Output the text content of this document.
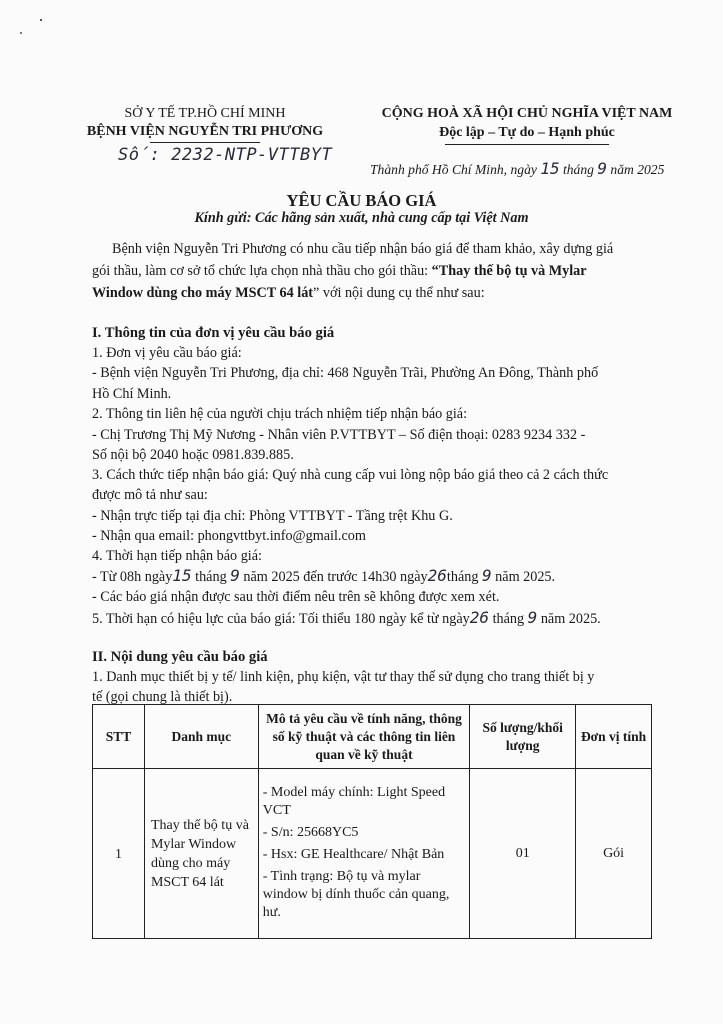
SỞ Y TẾ TP.HỒ CHÍ MINH
BỆNH VIỆN NGUYỄN TRI PHƯƠNG
Số: 2232-NTP-VTTBYT
CỘNG HOÀ XÃ HỘI CHỦ NGHĨA VIỆT NAM
Độc lập – Tự do – Hạnh phúc
Thành phố Hồ Chí Minh, ngày 15 tháng 9 năm 2025
YÊU CẦU BÁO GIÁ
Kính gửi: Các hãng sản xuất, nhà cung cấp tại Việt Nam
Bệnh viện Nguyễn Tri Phương có nhu cầu tiếp nhận báo giá để tham khảo, xây dựng giá
gói thầu, làm cơ sở tổ chức lựa chọn nhà thầu cho gói thầu: “Thay thế bộ tụ và Mylar
Window dùng cho máy MSCT 64 lát” với nội dung cụ thể như sau:
I. Thông tin của đơn vị yêu cầu báo giá
1. Đơn vị yêu cầu báo giá:
- Bệnh viện Nguyễn Tri Phương, địa chỉ: 468 Nguyễn Trãi, Phường An Đông, Thành phố
Hồ Chí Minh.
2. Thông tin liên hệ của người chịu trách nhiệm tiếp nhận báo giá:
- Chị Trương Thị Mỹ Nương - Nhân viên P.VTTBYT – Số điện thoại: 0283 9234 332 -
Số nội bộ 2040 hoặc 0981.839.885.
3. Cách thức tiếp nhận báo giá: Quý nhà cung cấp vui lòng nộp báo giá theo cả 2 cách thức
được mô tả như sau:
- Nhận trực tiếp tại địa chỉ: Phòng VTTBYT - Tầng trệt Khu G.
- Nhận qua email: phongvttbyt.info@gmail.com
4. Thời hạn tiếp nhận báo giá:
- Từ 08h ngày15 tháng 9 năm 2025 đến trước 14h30 ngày26tháng 9 năm 2025.
- Các báo giá nhận được sau thời điểm nêu trên sẽ không được xem xét.
5. Thời hạn có hiệu lực của báo giá: Tối thiểu 180 ngày kể từ ngày26 tháng 9 năm 2025.
II. Nội dung yêu cầu báo giá
1. Danh mục thiết bị y tế/ linh kiện, phụ kiện, vật tư thay thế sử dụng cho trang thiết bị y
tế (gọi chung là thiết bị).
STT	Danh mục	Mô tả yêu cầu về tính năng, thông số kỹ thuật và các thông tin liên quan về kỹ thuật	Số lượng/khối lượng	Đơn vị tính
1	Thay thế bộ tụ và Mylar Window dùng cho máy MSCT 64 lát	- Model máy chính: Light Speed VCT
- S/n: 25668YC5
- Hsx: GE Healthcare/ Nhật Bản
- Tình trạng: Bộ tụ và mylar window bị dính thuốc cản quang, hư.	01	Gói
